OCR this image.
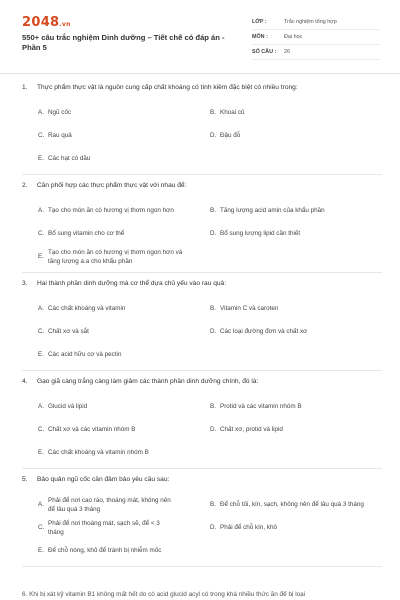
2048.vn
550+ câu trắc nghiệm Dinh dưỡng – Tiết chế có đáp án - Phần 5
LỚP :	Trắc nghiệm tổng hợp
MÔN :	Đại học
SỐ CÂU : 26
1. Thực phẩm thực vật là nguồn cung cấp chất khoáng có tính kiềm đặc biệt có nhiều trong:
A. Ngũ cốc	B. Khoai củ
C. Rau quả	D. Đậu đỗ
E. Các hạt có dầu
2. Cần phối hợp các thực phẩm thực vật với nhau để:
A. Tạo cho món ăn có hương vị thơm ngon hơn	B. Tăng lượng acid amin của khẩu phần
C. Bổ sung vitamin cho cơ thể	D. Bổ sung lượng lipid cần thiết
E.
Tạo cho món ăn có hương vị thơm ngon hơn và tăng lượng a.a cho khẩu phần
3. Hai thành phần dinh dưỡng mà cơ thể dựa chủ yếu vào rau quả:
A. Các chất khoáng và vitamin	B. Vitamin C và caroten
C. Chất xơ và sắt	D. Các loại đường đơn và chất xơ
E. Các acid hữu cơ và pectin
4. Gạo giã càng trắng càng làm giảm các thành phần dinh dưỡng chính, đó là:
A. Glucid và lipid	B. Protid và các vitamin nhóm B
C. Chất xơ và các vitamin nhóm B	D. Chất xơ, protid và lipid
E. Các chất khoáng và vitamin nhóm B
5. Bảo quản ngũ cốc cần đảm bảo yêu cầu sau:
A.
Phải để nơi cao ráo, thoáng mát, không nên để lâu quá 3 tháng
B. Để chỗ tối, kín, sạch, không nên để lâu quá 3 tháng
C.
Phải để nơi thoáng mát, sạch sẽ, để < 3 tháng
D. Phải để chỗ kín, khô
E. Để chỗ nóng, khô để tránh bị nhiễm mốc
6. Khi bị xát kỹ vitamin B1 không mất hết do có acid glucid acyl có trong khá nhiều thức ăn để bị loại
